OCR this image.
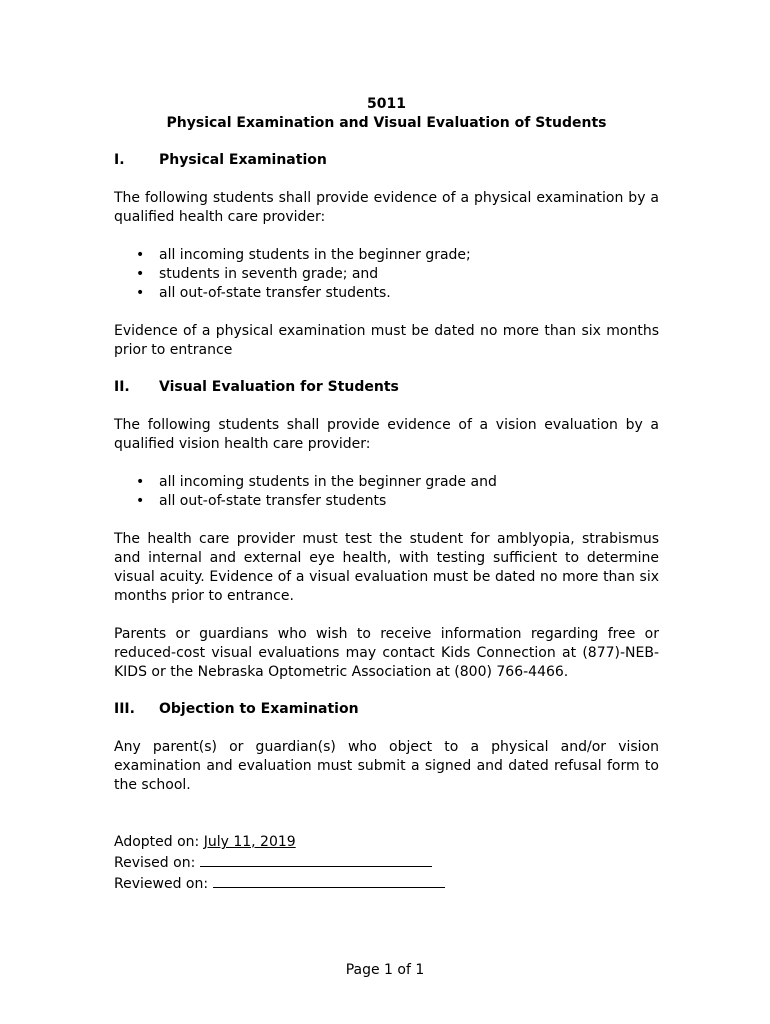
5011
Physical Examination and Visual Evaluation of Students
I.	Physical Examination

The following students shall provide evidence of a physical examination by a qualified health care provider:

• all incoming students in the beginner grade;
• students in seventh grade; and
• all out-of-state transfer students.

Evidence of a physical examination must be dated no more than six months prior to entrance

II.	Visual Evaluation for Students

The following students shall provide evidence of a vision evaluation by a qualified vision health care provider:

• all incoming students in the beginner grade and
• all out-of-state transfer students

The health care provider must test the student for amblyopia, strabismus and internal and external eye health, with testing sufficient to determine visual acuity. Evidence of a visual evaluation must be dated no more than six months prior to entrance.

Parents or guardians who wish to receive information regarding free or reduced-cost visual evaluations may contact Kids Connection at (877)-NEB-KIDS or the Nebraska Optometric Association at (800) 766-4466.

III.	Objection to Examination

Any parent(s) or guardian(s) who object to a physical and/or vision examination and evaluation must submit a signed and dated refusal form to the school.

Adopted on: July 11, 2019
Revised on:
Reviewed on:
Page 1 of 1
